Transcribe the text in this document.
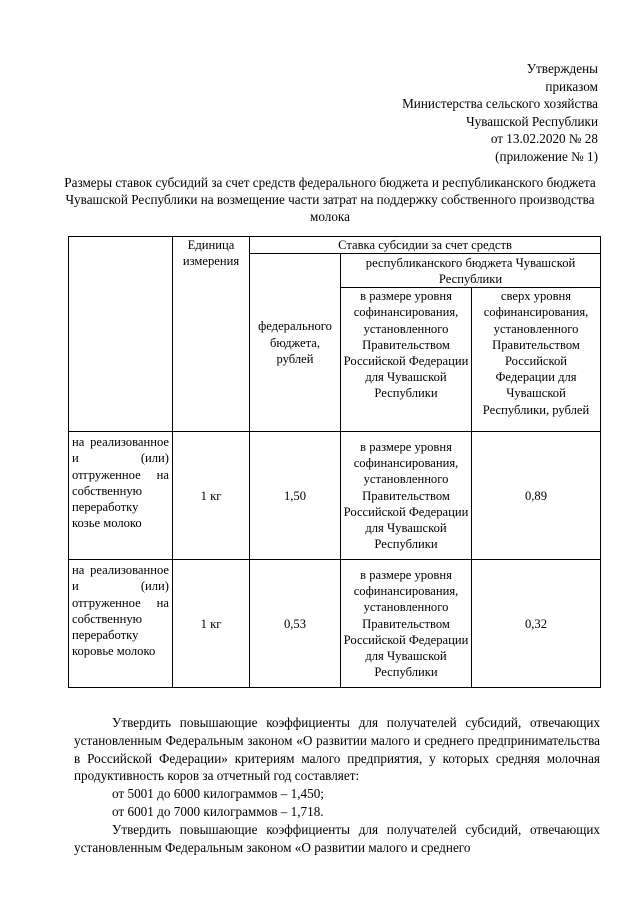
Утверждены
приказом
Министерства сельского хозяйства
Чувашской Республики
от 13.02.2020 № 28
(приложение № 1)
Размеры ставок субсидий за счет средств федерального бюджета и республиканского бюджета Чувашской Республики на возмещение части затрат на поддержку собственного производства молока
	Единица измерения	Ставка субсидии за счет средств		
		федерального бюджета, рублей	республиканского бюджета Чувашской Республики	
			в размере уровня софинансирования, установленного Правительством Российской Федерации для Чувашской Республики	сверх уровня софинансирования, установленного Правительством Российской Федерации для Чувашской Республики, рублей
на реализованное и (или) отгруженное на собственную переработку козье молоко	1 кг	1,50	в размере уровня софинансирования, установленного Правительством Российской Федерации для Чувашской Республики	0,89
на реализованное и (или) отгруженное на собственную переработку коровье молоко	1 кг	0,53	в размере уровня софинансирования, установленного Правительством Российской Федерации для Чувашской Республики	0,32

Утвердить повышающие коэффициенты для получателей субсидий, отвечающих установленным Федеральным законом «О развитии малого и среднего предпринимательства в Российской Федерации» критериям малого предприятия, у которых средняя молочная продуктивность коров за отчетный год составляет:

от 5001 до 6000 килограммов – 1,450;

от 6001 до 7000 килограммов – 1,718.

Утвердить повышающие коэффициенты для получателей субсидий, отвечающих установленным Федеральным законом «О развитии малого и среднего
